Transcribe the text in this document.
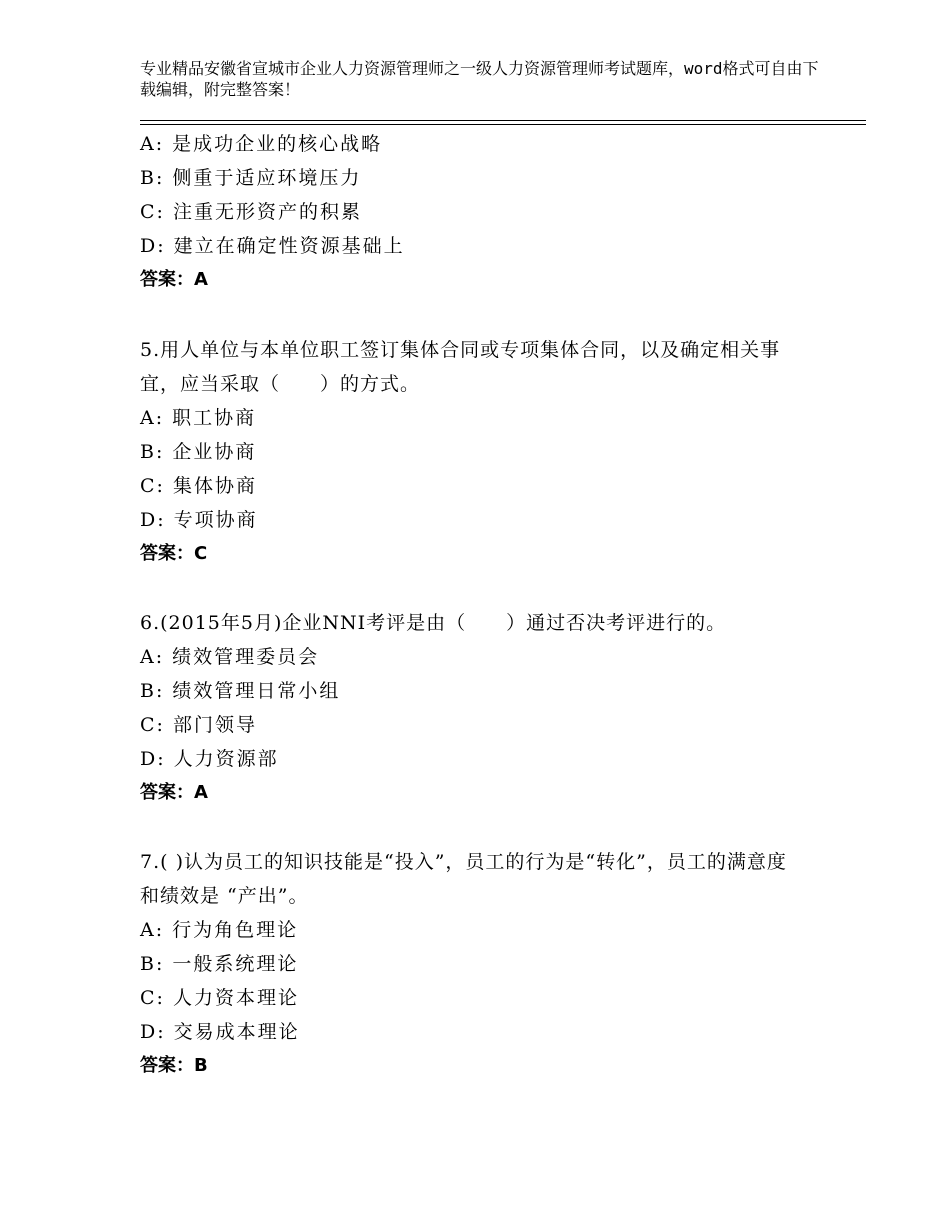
专业精品安徽省宣城市企业人力资源管理师之一级人力资源管理师考试题库，word格式可自由下载编辑，附完整答案！
A: 是成功企业的核心战略
B: 侧重于适应环境压力
C: 注重无形资产的积累
D: 建立在确定性资源基础上
答案：A
5.用人单位与本单位职工签订集体合同或专项集体合同，以及确定相关事宜，应当采取（　　）的方式。
A: 职工协商
B: 企业协商
C: 集体协商
D: 专项协商
答案：C
6.(2015年5月)企业NNI考评是由（　　）通过否决考评进行的。
A: 绩效管理委员会
B: 绩效管理日常小组
C: 部门领导
D: 人力资源部
答案：A
7.( )认为员工的知识技能是“投入”，员工的行为是“转化”，员工的满意度和绩效是 “产出”。
A: 行为角色理论
B: 一般系统理论
C: 人力资本理论
D: 交易成本理论
答案：B
